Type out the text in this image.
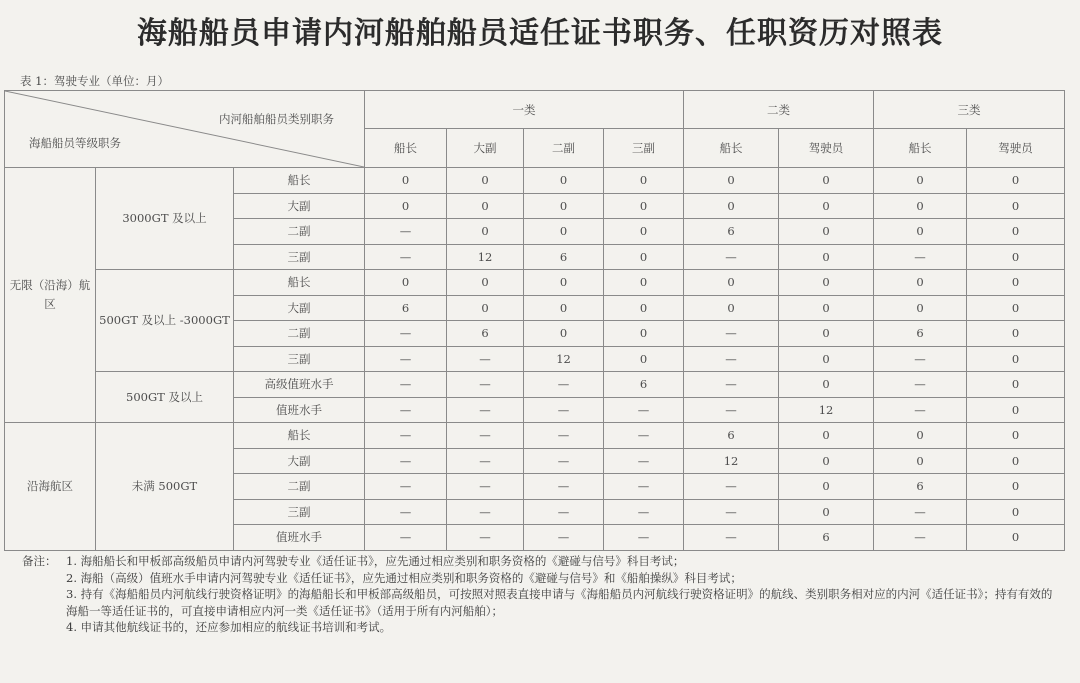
海船船员申请内河船舶船员适任证书职务、任职资历对照表
表 1：驾驶专业（单位：月）
内河船舶船员类别职务
海船船员等级职务			一类				二类		三类	
			船长	大副	二副	三副	船长	驾驶员	船长	驾驶员
无限（沿海）航区	3000GT 及以上	船长	0	0	0	0	0	0	0	0
		大副	0	0	0	0	0	0	0	0
		二副	—	0	0	0	6	0	0	0
		三副	—	12	6	0	—	0	—	0
	500GT 及以上 -3000GT	船长	0	0	0	0	0	0	0	0
		大副	6	0	0	0	0	0	0	0
		二副	—	6	0	0	—	0	6	0
		三副	—	—	12	0	—	0	—	0
	500GT 及以上	高级值班水手	—	—	—	6	—	0	—	0
		值班水手	—	—	—	—	—	12	—	0
沿海航区	未满 500GT	船长	—	—	—	—	6	0	0	0
		大副	—	—	—	—	12	0	0	0
		二副	—	—	—	—	—	0	6	0
		三副	—	—	—	—	—	0	—	0
		值班水手	—	—	—	—	—	6	—	0
备注： 1. 海船船长和甲板部高级船员申请内河驾驶专业《适任证书》，应先通过相应类别和职务资格的《避碰与信号》科目考试；
2. 海船（高级）值班水手申请内河驾驶专业《适任证书》，应先通过相应类别和职务资格的《避碰与信号》和《船舶操纵》科目考试；
3. 持有《海船船员内河航线行驶资格证明》的海船船长和甲板部高级船员，可按照对照表直接申请与《海船船员内河航线行驶资格证明》的航线、类别职务相对应的内河《适任证书》；持有有效的海船一等适任证书的，可直接申请相应内河一类《适任证书》（适用于所有内河船舶）；
4. 申请其他航线证书的，还应参加相应的航线证书培训和考试。
